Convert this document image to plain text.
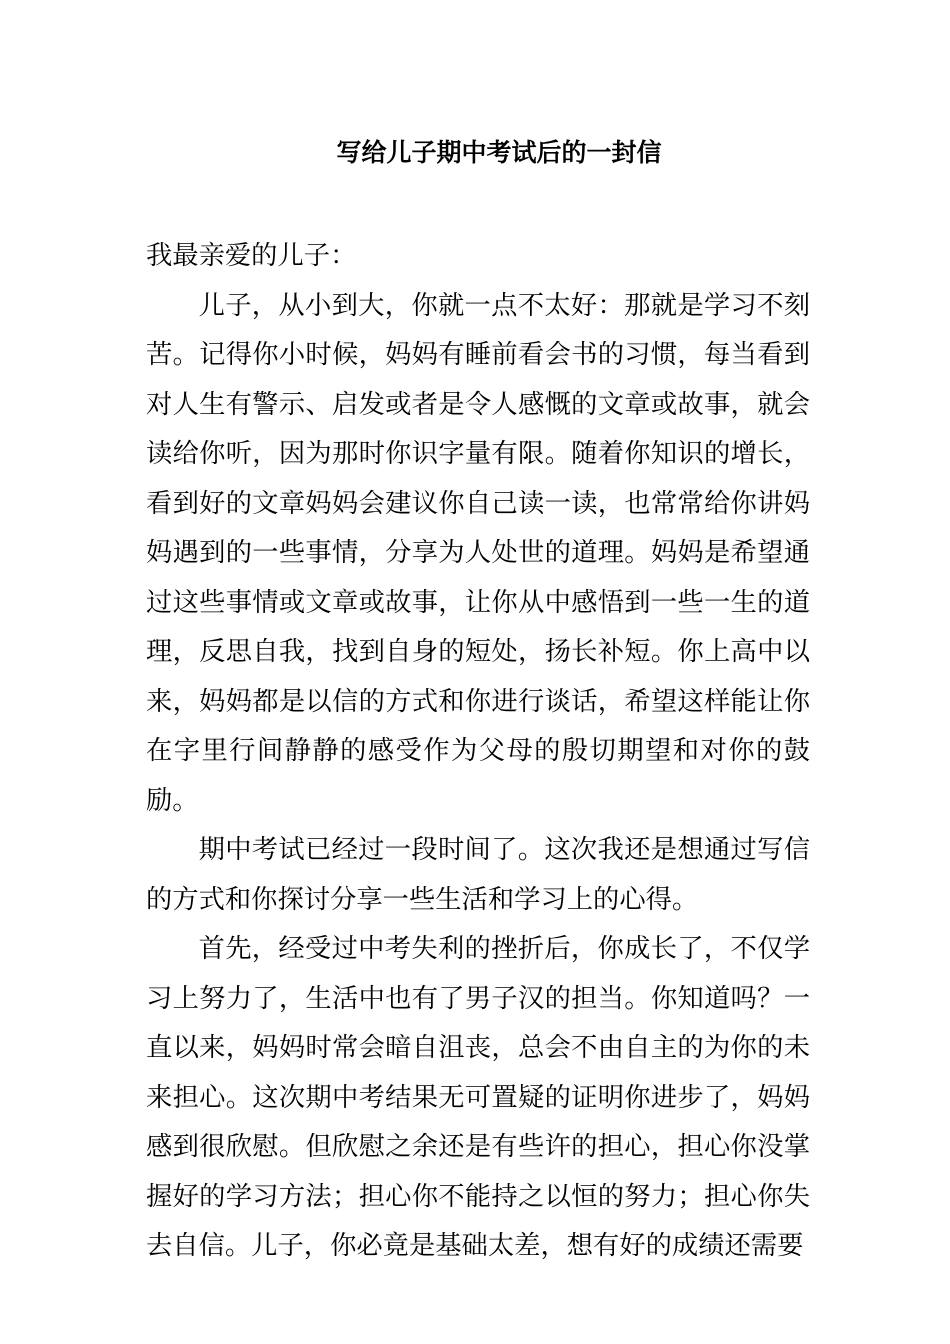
写给儿子期中考试后的一封信

我最亲爱的儿子：

儿子，从小到大，你就一点不太好：那就是学习不刻苦。记得你小时候，妈妈有睡前看会书的习惯，每当看到对人生有警示、启发或者是令人感慨的文章或故事，就会读给你听，因为那时你识字量有限。随着你知识的增长，看到好的文章妈妈会建议你自己读一读，也常常给你讲妈妈遇到的一些事情，分享为人处世的道理。妈妈是希望通过这些事情或文章或故事，让你从中感悟到一些一生的道理，反思自我，找到自身的短处，扬长补短。你上高中以来，妈妈都是以信的方式和你进行谈话，希望这样能让你在字里行间静静的感受作为父母的殷切期望和对你的鼓励。

期中考试已经过一段时间了。这次我还是想通过写信的方式和你探讨分享一些生活和学习上的心得。

首先，经受过中考失利的挫折后，你成长了，不仅学习上努力了，生活中也有了男子汉的担当。你知道吗？一直以来，妈妈时常会暗自沮丧，总会不由自主的为你的未来担心。这次期中考结果无可置疑的证明你进步了，妈妈感到很欣慰。但欣慰之余还是有些许的担心，担心你没掌握好的学习方法；担心你不能持之以恒的努力；担心你失去自信。儿子，你必竟是基础太差，想有好的成绩还需要
